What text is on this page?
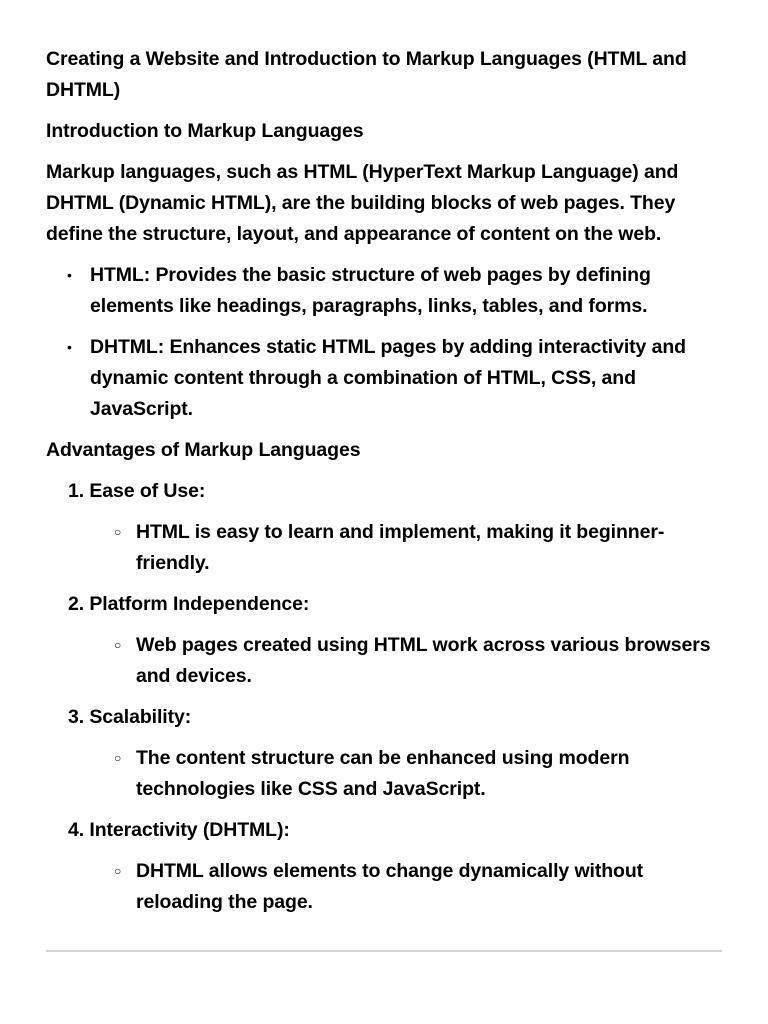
Creating a Website and Introduction to Markup Languages (HTML and DHTML)

Introduction to Markup Languages

Markup languages, such as HTML (HyperText Markup Language) and DHTML (Dynamic HTML), are the building blocks of web pages. They define the structure, layout, and appearance of content on the web.

• HTML: Provides the basic structure of web pages by defining elements like headings, paragraphs, links, tables, and forms.
• DHTML: Enhances static HTML pages by adding interactivity and dynamic content through a combination of HTML, CSS, and JavaScript.

Advantages of Markup Languages

1. Ease of Use:
○ HTML is easy to learn and implement, making it beginner-friendly.
2. Platform Independence:
○ Web pages created using HTML work across various browsers and devices.
3. Scalability:
○ The content structure can be enhanced using modern technologies like CSS and JavaScript.
4. Interactivity (DHTML):
○ DHTML allows elements to change dynamically without reloading the page.
